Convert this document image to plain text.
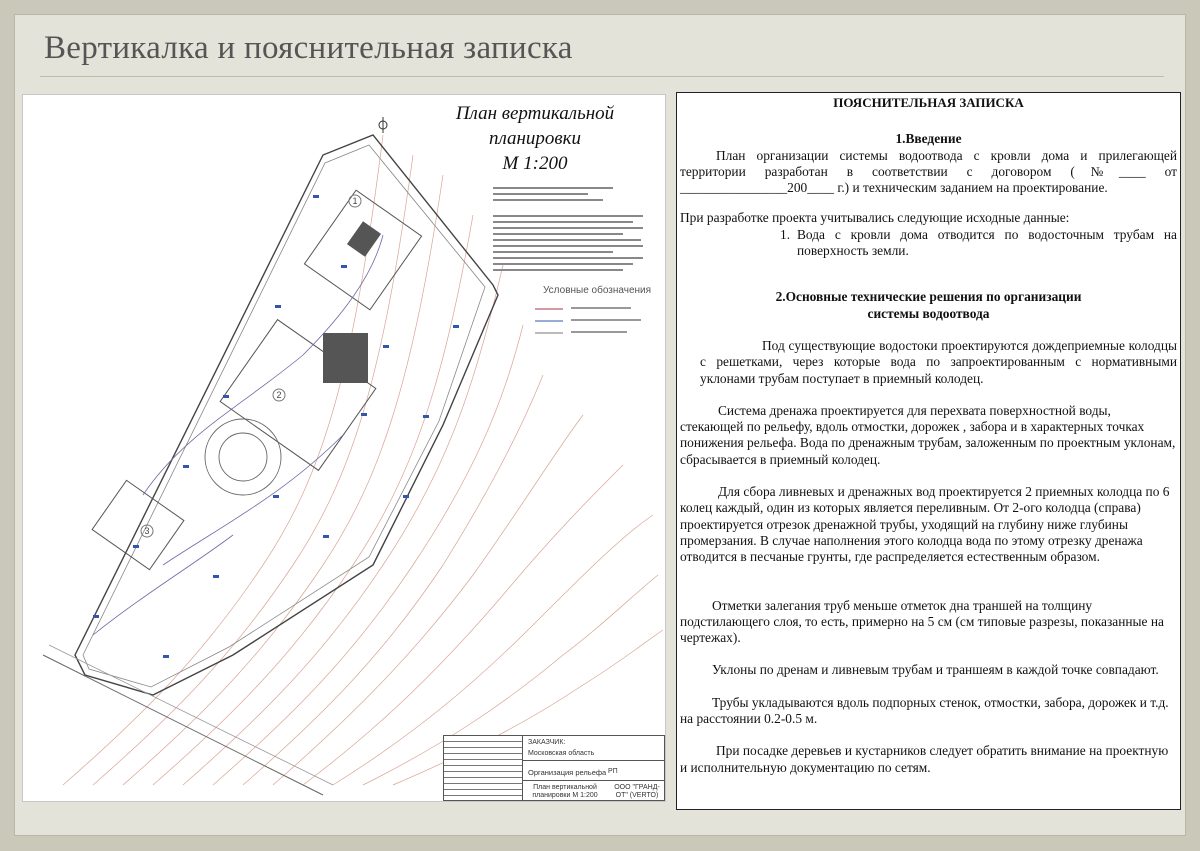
Вертикалка и пояснительная записка
1
2
3
План вертикальной планировки
М 1:200
Условные обозначения
ЗАКАЗЧИК:
Московская область
Организация рельефа РП
План вертикальной планировки М 1:200
ООО "ГРАНД-ОТ" (VERTO)

ПОЯСНИТЕЛЬНАЯ ЗАПИСКА

1.Введение

План организации системы водоотвода с кровли дома и прилегающей территории разработан в соответствии с договором (№____ от ________________200____ г.) и техническим заданием на проектирование.

При разработке проекта учитывались следующие исходные данные:

1. Вода с кровли дома отводится по водосточным трубам на

поверхность земли.

2.Основные технические решения по организации системы водоотвода

Под существующие водостоки проектируются дождеприемные колодцы с решетками, через которые вода по запроектированным с нормативными уклонами трубам поступает в приемный колодец.

Система дренажа проектируется для перехвата поверхностной воды, стекающей по рельефу, вдоль отмостки, дорожек , забора и в характерных точках понижения рельефа. Вода по дренажным трубам, заложенным по проектным уклонам, сбрасывается в приемный колодец.

Для сбора ливневых и дренажных вод проектируется 2 приемных колодца по 6 колец каждый, один из которых является переливным. От 2-ого колодца (справа) проектируется отрезок дренажной трубы, уходящий на глубину ниже глубины промерзания. В случае наполнения этого колодца вода по этому отрезку дренажа отводится в песчаные грунты, где распределяется естественным образом.

Отметки залегания труб меньше отметок дна траншей на толщину подстилающего слоя, то есть, примерно на 5 см (см типовые разрезы, показанные на чертежах).

Уклоны по дренам и ливневым трубам и траншеям в каждой точке совпадают.

Трубы укладываются вдоль подпорных стенок, отмостки, забора, дорожек и т.д. на расстоянии 0.2-0.5 м.

При посадке деревьев и кустарников следует обратить внимание на проектную и исполнительную документацию по сетям.
